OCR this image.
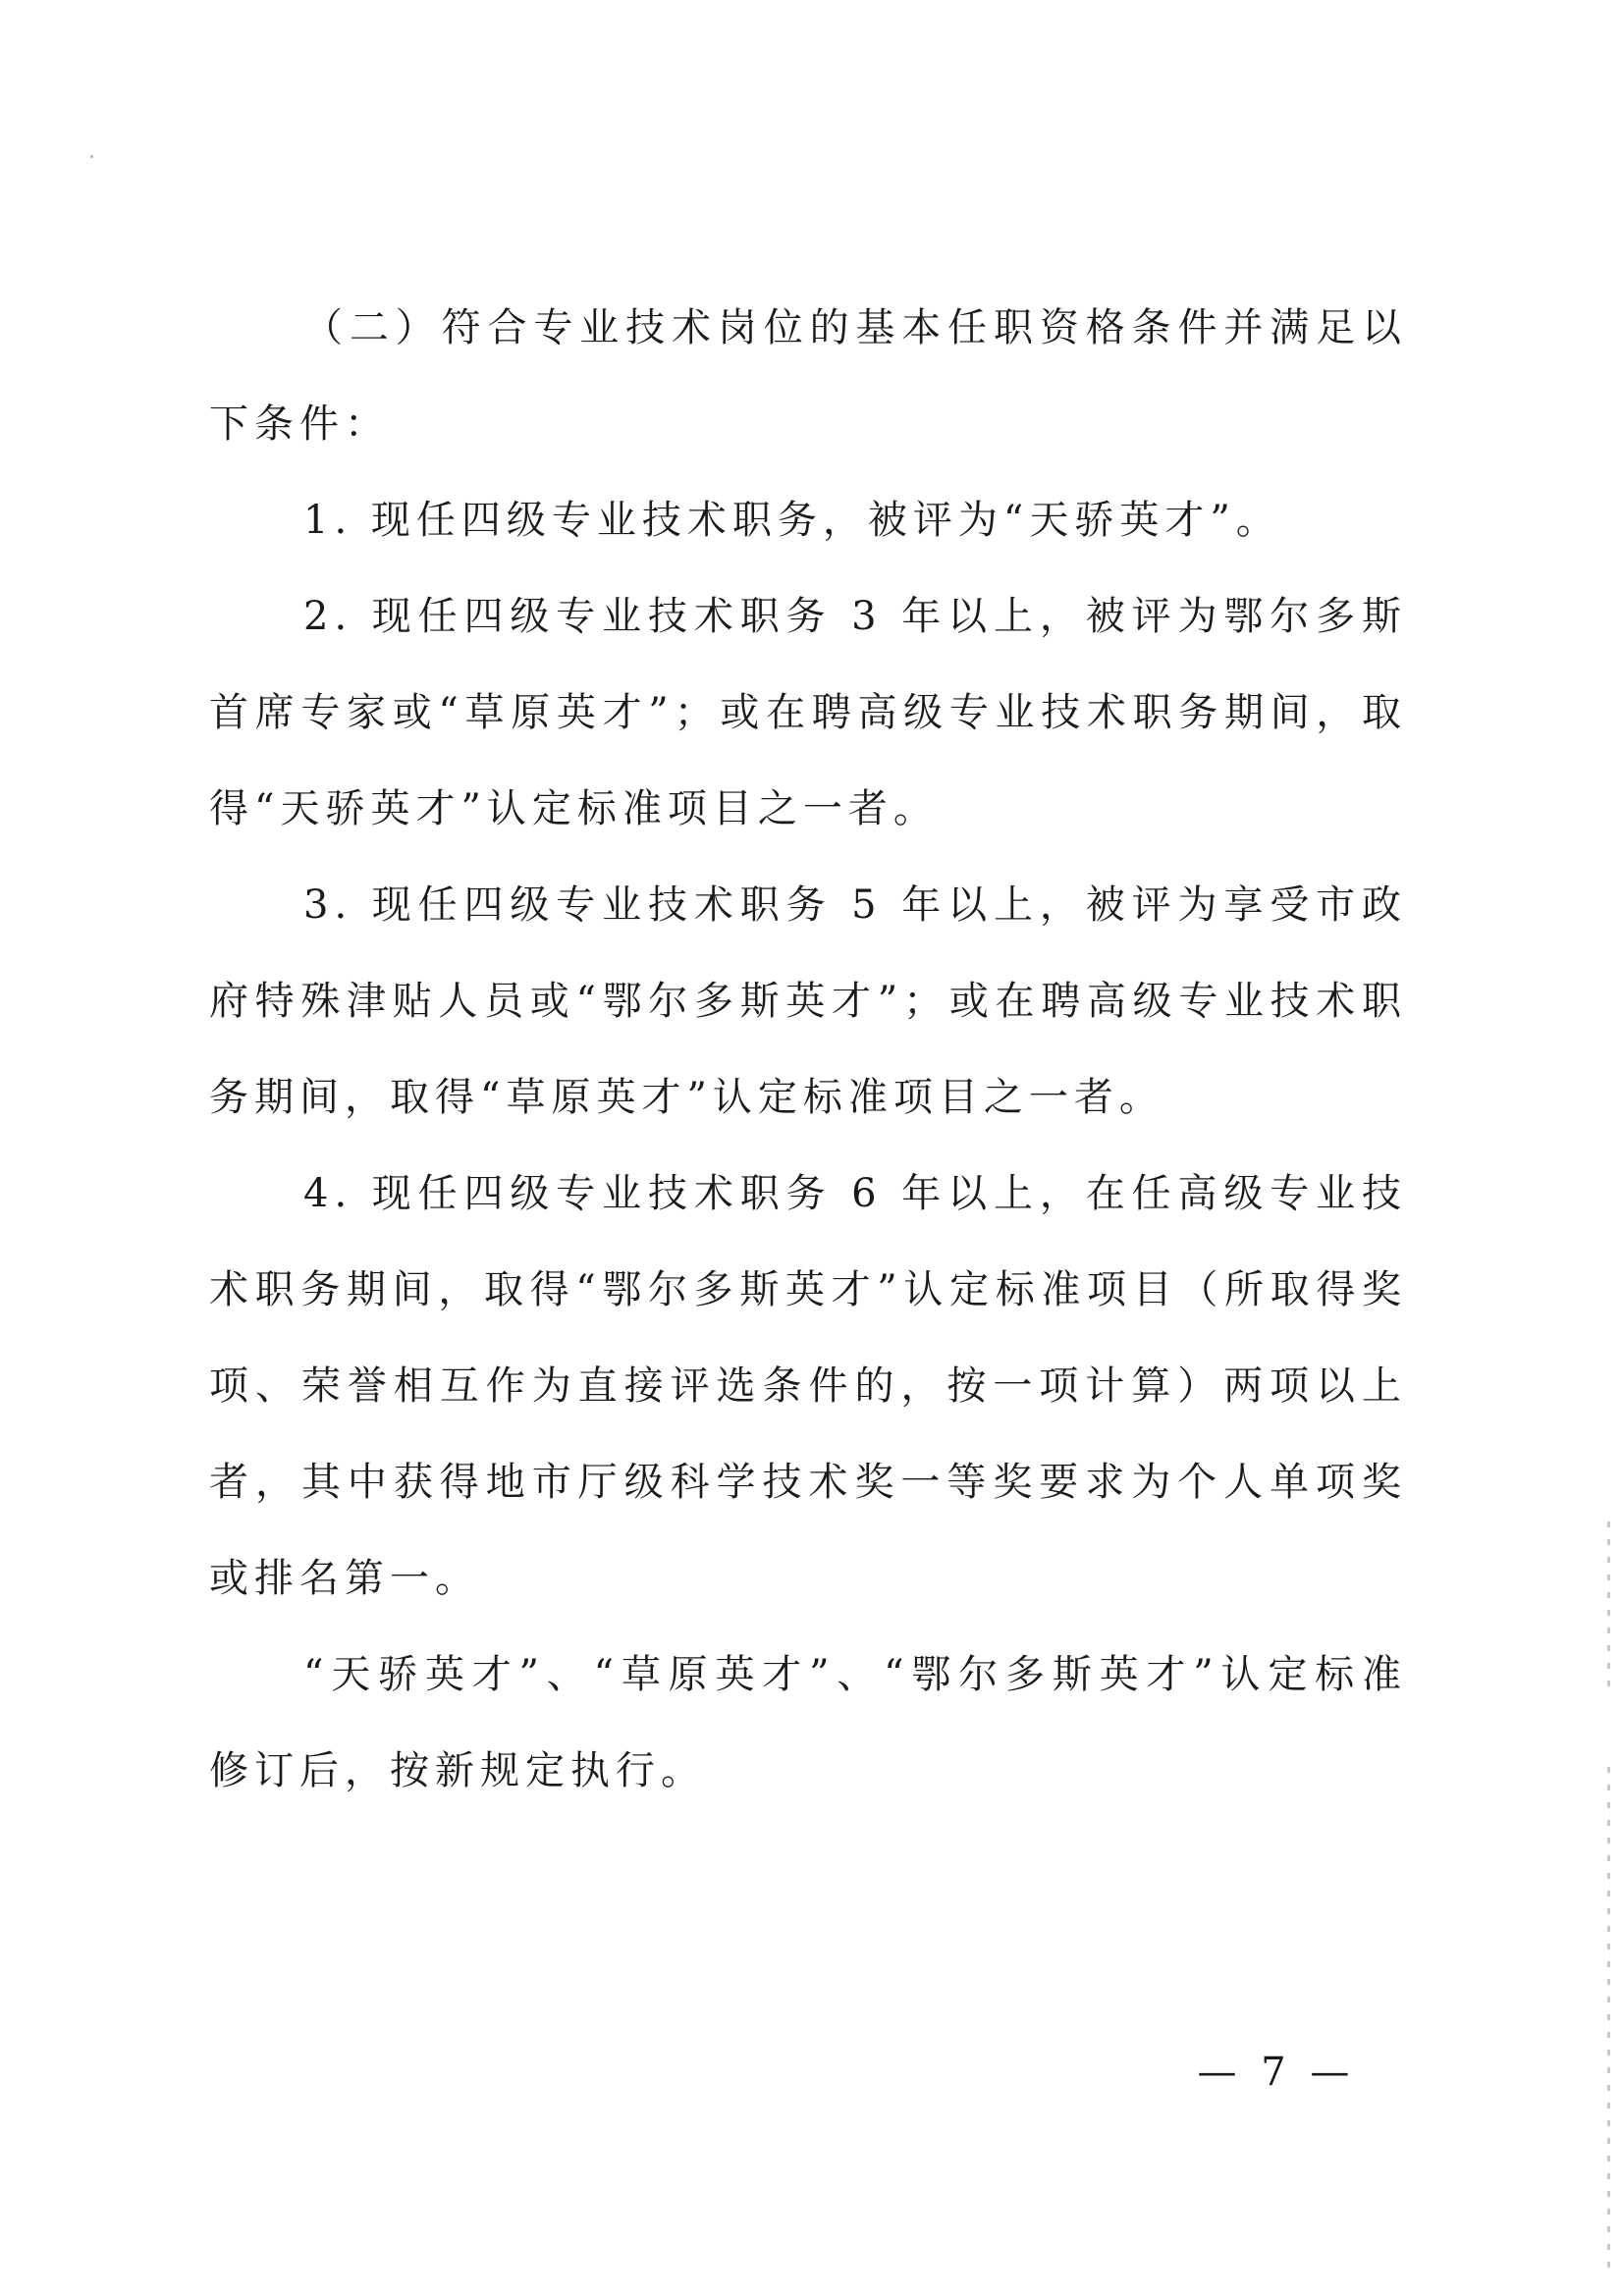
（二）符合专业技术岗位的基本任职资格条件并满足以下条件：

1. 现任四级专业技术职务，被评为“天骄英才”。

2. 现任四级专业技术职务 3 年以上，被评为鄂尔多斯首席专家或“草原英才”；或在聘高级专业技术职务期间，取得“天骄英才”认定标准项目之一者。

3. 现任四级专业技术职务 5 年以上，被评为享受市政府特殊津贴人员或“鄂尔多斯英才”；或在聘高级专业技术职务期间，取得“草原英才”认定标准项目之一者。

4. 现任四级专业技术职务 6 年以上，在任高级专业技术职务期间，取得“鄂尔多斯英才”认定标准项目（所取得奖项、荣誉相互作为直接评选条件的，按一项计算）两项以上者，其中获得地市厅级科学技术奖一等奖要求为个人单项奖或排名第一。

“天骄英才”、“草原英才”、“鄂尔多斯英才”认定标准修订后，按新规定执行。

— 7 —
